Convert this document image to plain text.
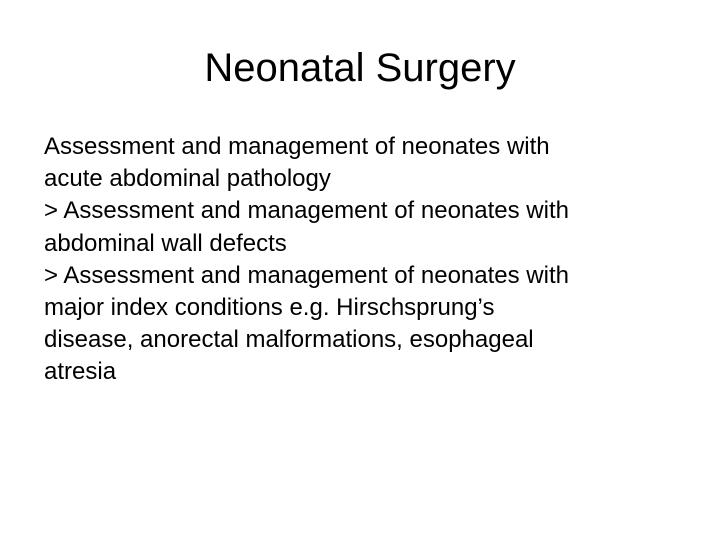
Neonatal Surgery
Assessment and management of neonates with
acute abdominal pathology
> Assessment and management of neonates with
abdominal wall defects
> Assessment and management of neonates with
major index conditions e.g. Hirschsprung’s
disease, anorectal malformations, esophageal
atresia
